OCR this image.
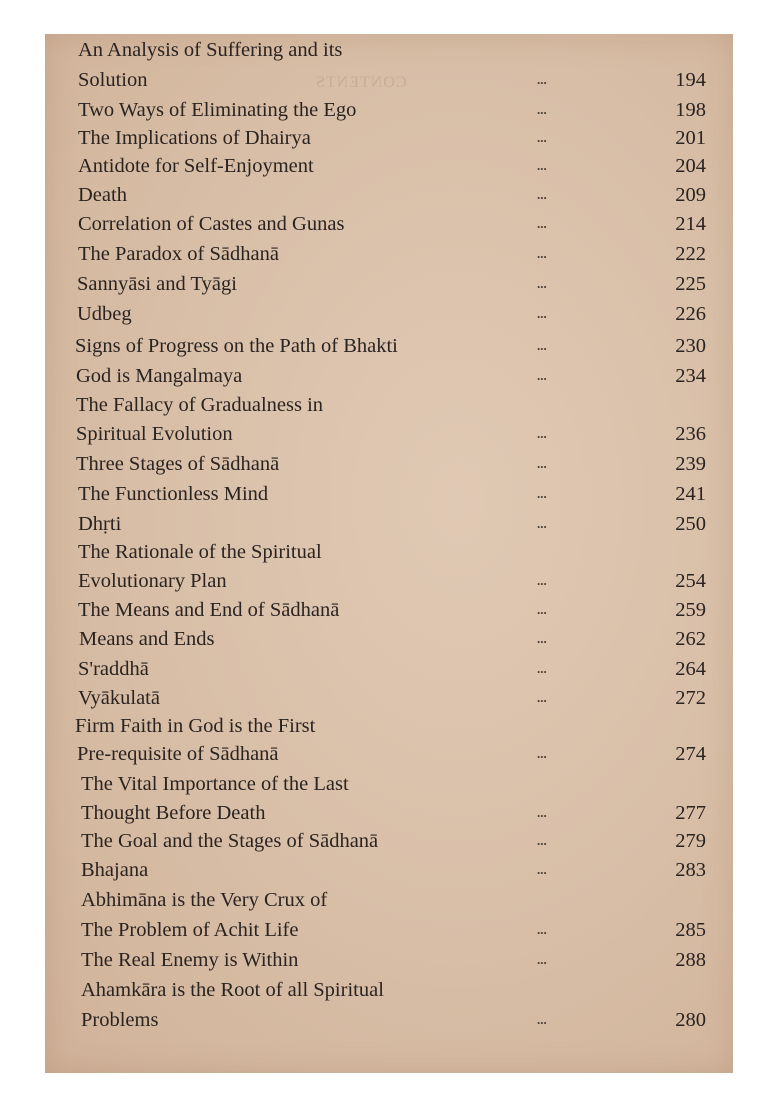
CONTENTS
An Analysis of Suffering and its
Solution	...	194
Two Ways of Eliminating the Ego	...	198
The Implications of Dhairya	...	201
Antidote for Self-Enjoyment	...	204
Death	...	209
Correlation of Castes and Gunas	...	214
The Paradox of Sādhanā	...	222
Sannyāsi and Tyāgi	...	225
Udbeg	...	226
Signs of Progress on the Path of Bhakti	...	230
God is Mangalmaya	...	234
The Fallacy of Gradualness in
Spiritual Evolution	...	236
Three Stages of Sādhanā	...	239
The Functionless Mind	...	241
Dhṛti	...	250
The Rationale of the Spiritual
Evolutionary Plan	...	254
The Means and End of Sādhanā	...	259
Means and Ends	...	262
S'raddhā	...	264
Vyākulatā	...	272
Firm Faith in God is the First
Pre-requisite of Sādhanā	...	274
The Vital Importance of the Last
Thought Before Death	...	277
The Goal and the Stages of Sādhanā	...	279
Bhajana	...	283
Abhimāna is the Very Crux of
The Problem of Achit Life	...	285
The Real Enemy is Within	...	288
Ahamkāra is the Root of all Spiritual
Problems	...	280
